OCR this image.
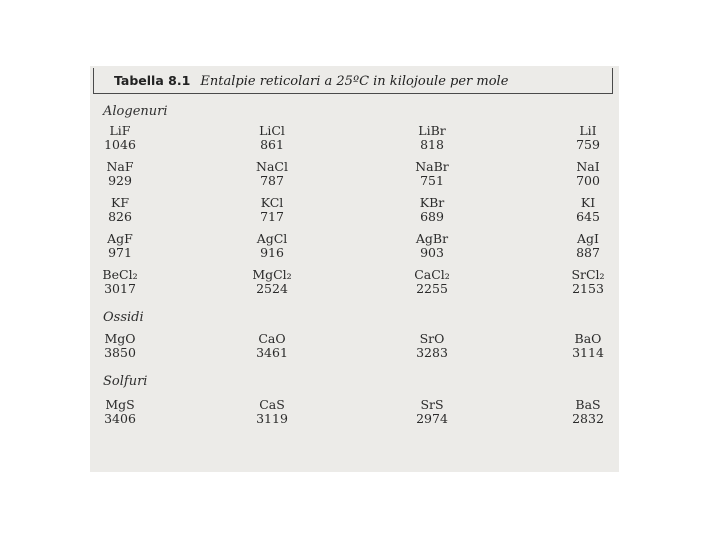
Tabella 8.1 Entalpie reticolari a 25ºC in kilojoule per mole
Alogenuri
LiF
1046
LiCl
861
LiBr
818
LiI
759
NaF
929
NaCl
787
NaBr
751
NaI
700
KF
826
KCl
717
KBr
689
KI
645
AgF
971
AgCl
916
AgBr
903
AgI
887
BeCl₂
3017
MgCl₂
2524
CaCl₂
2255
SrCl₂
2153
Ossidi
MgO
3850
CaO
3461
SrO
3283
BaO
3114
Solfuri
MgS
3406
CaS
3119
SrS
2974
BaS
2832
